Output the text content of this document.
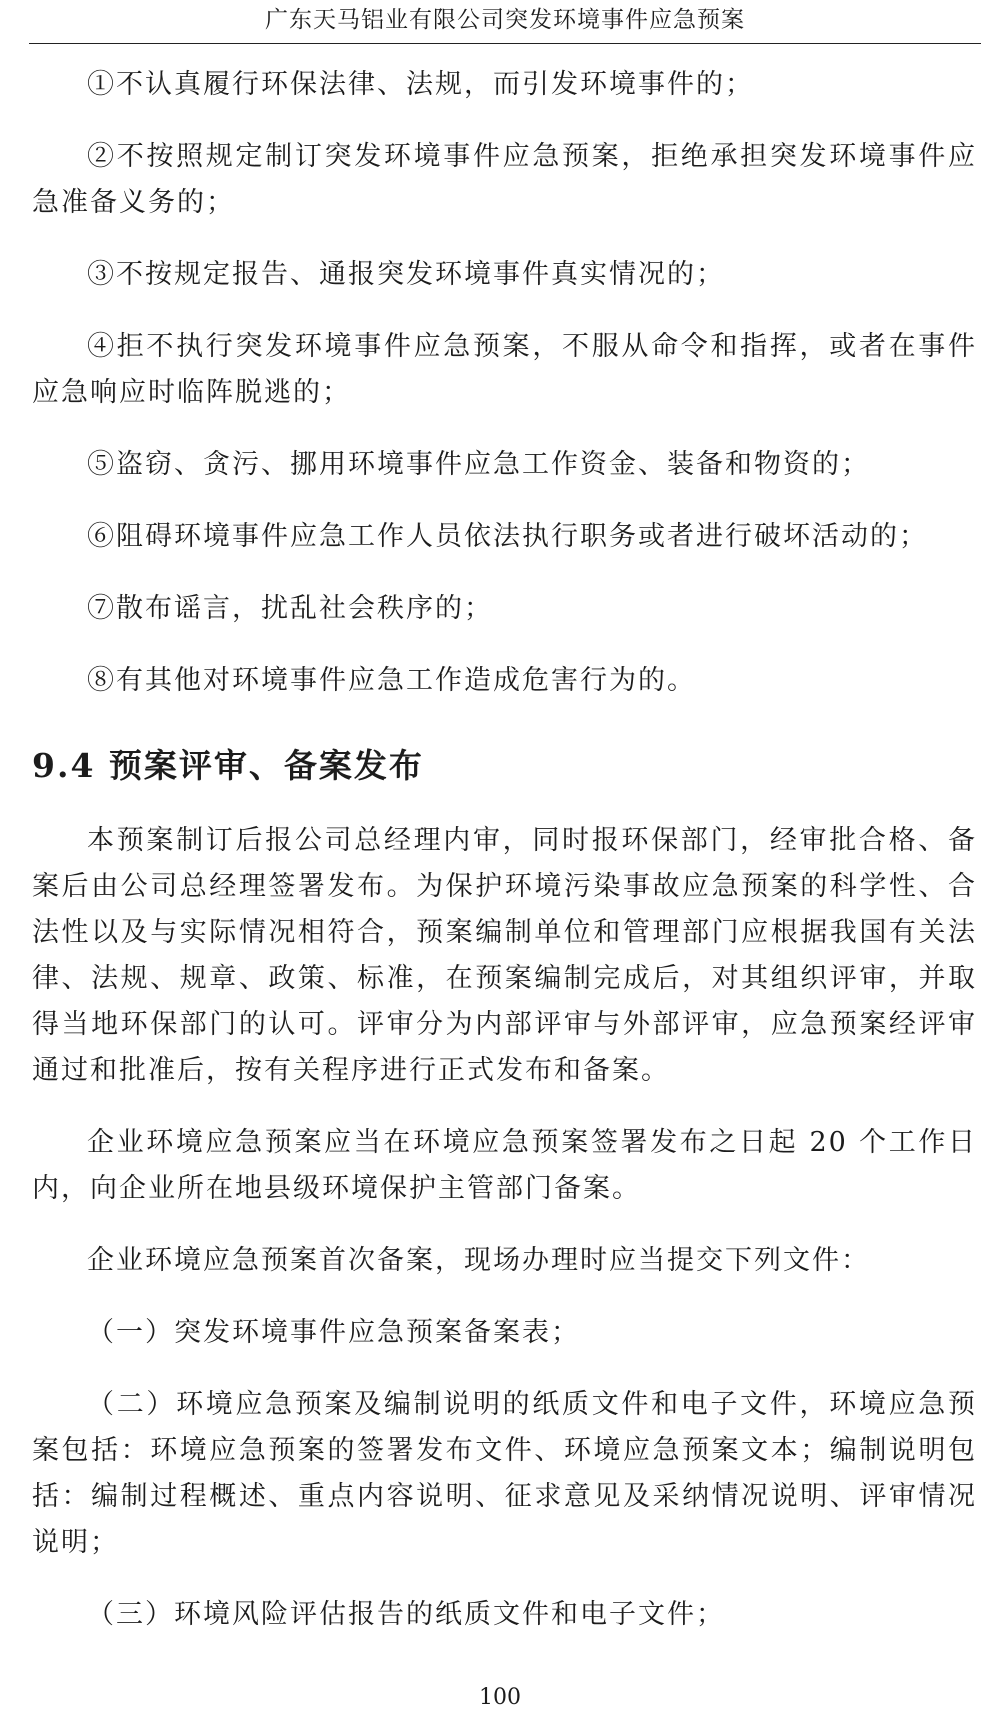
广东天马铝业有限公司突发环境事件应急预案

①不认真履行环保法律、法规，而引发环境事件的；

②不按照规定制订突发环境事件应急预案，拒绝承担突发环境事件应急准备义务的；

③不按规定报告、通报突发环境事件真实情况的；

④拒不执行突发环境事件应急预案，不服从命令和指挥，或者在事件应急响应时临阵脱逃的；

⑤盗窃、贪污、挪用环境事件应急工作资金、装备和物资的；

⑥阻碍环境事件应急工作人员依法执行职务或者进行破坏活动的；

⑦散布谣言，扰乱社会秩序的；

⑧有其他对环境事件应急工作造成危害行为的。

9.4 预案评审、备案发布

本预案制订后报公司总经理内审，同时报环保部门，经审批合格、备案后由公司总经理签署发布。为保护环境污染事故应急预案的科学性、合法性以及与实际情况相符合，预案编制单位和管理部门应根据我国有关法律、法规、规章、政策、标准，在预案编制完成后，对其组织评审，并取得当地环保部门的认可。评审分为内部评审与外部评审，应急预案经评审通过和批准后，按有关程序进行正式发布和备案。

企业环境应急预案应当在环境应急预案签署发布之日起 20 个工作日内，向企业所在地县级环境保护主管部门备案。

企业环境应急预案首次备案，现场办理时应当提交下列文件：

（一）突发环境事件应急预案备案表；

（二）环境应急预案及编制说明的纸质文件和电子文件，环境应急预案包括：环境应急预案的签署发布文件、环境应急预案文本；编制说明包括：编制过程概述、重点内容说明、征求意见及采纳情况说明、评审情况说明；

（三）环境风险评估报告的纸质文件和电子文件；

100
